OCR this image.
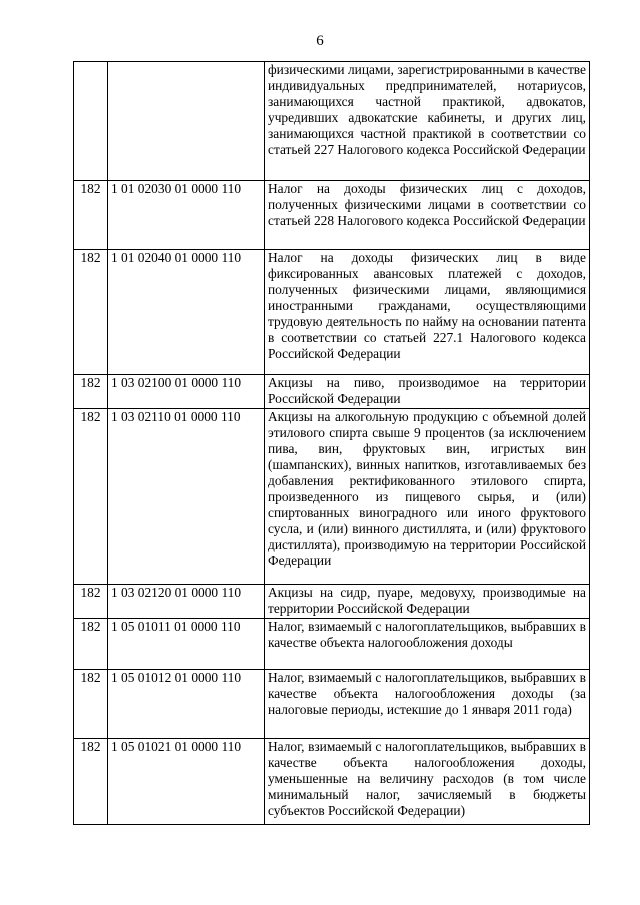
6
		физическими лицами, зарегистрированными в качестве индивидуальных предпринимателей, нотариусов, занимающихся частной практикой, адвокатов, учредивших адвокатские кабинеты, и других лиц, занимающихся частной практикой в соответствии со статьей 227 Налогового кодекса Российской Федерации
182	1 01 02030 01 0000 110	Налог на доходы физических лиц с доходов, полученных физическими лицами в соответствии со статьей 228 Налогового кодекса Российской Федерации
182	1 01 02040 01 0000 110	Налог на доходы физических лиц в виде фиксированных авансовых платежей с доходов, полученных физическими лицами, являющимися иностранными гражданами, осуществляющими трудовую деятельность по найму на основании патента в соответствии со статьей 227.1 Налогового кодекса Российской Федерации
182	1 03 02100 01 0000 110	Акцизы на пиво, производимое на территории Российской Федерации
182	1 03 02110 01 0000 110	Акцизы на алкогольную продукцию с объемной долей этилового спирта свыше 9 процентов (за исключением пива, вин, фруктовых вин, игристых вин (шампанских), винных напитков, изготавливаемых без добавления ректификованного этилового спирта, произведенного из пищевого сырья, и (или) спиртованных виноградного или иного фруктового сусла, и (или) винного дистиллята, и (или) фруктового дистиллята), производимую на территории Российской Федерации
182	1 03 02120 01 0000 110	Акцизы на сидр, пуаре, медовуху, производимые на территории Российской Федерации
182	1 05 01011 01 0000 110	Налог, взимаемый с налогоплательщиков, выбравших в качестве объекта налогообложения доходы
182	1 05 01012 01 0000 110	Налог, взимаемый с налогоплательщиков, выбравших в качестве объекта налогообложения доходы (за налоговые периоды, истекшие до 1 января 2011 года)
182	1 05 01021 01 0000 110	Налог, взимаемый с налогоплательщиков, выбравших в качестве объекта налогообложения доходы, уменьшенные на величину расходов (в том числе минимальный налог, зачисляемый в бюджеты субъектов Российской Федерации)
